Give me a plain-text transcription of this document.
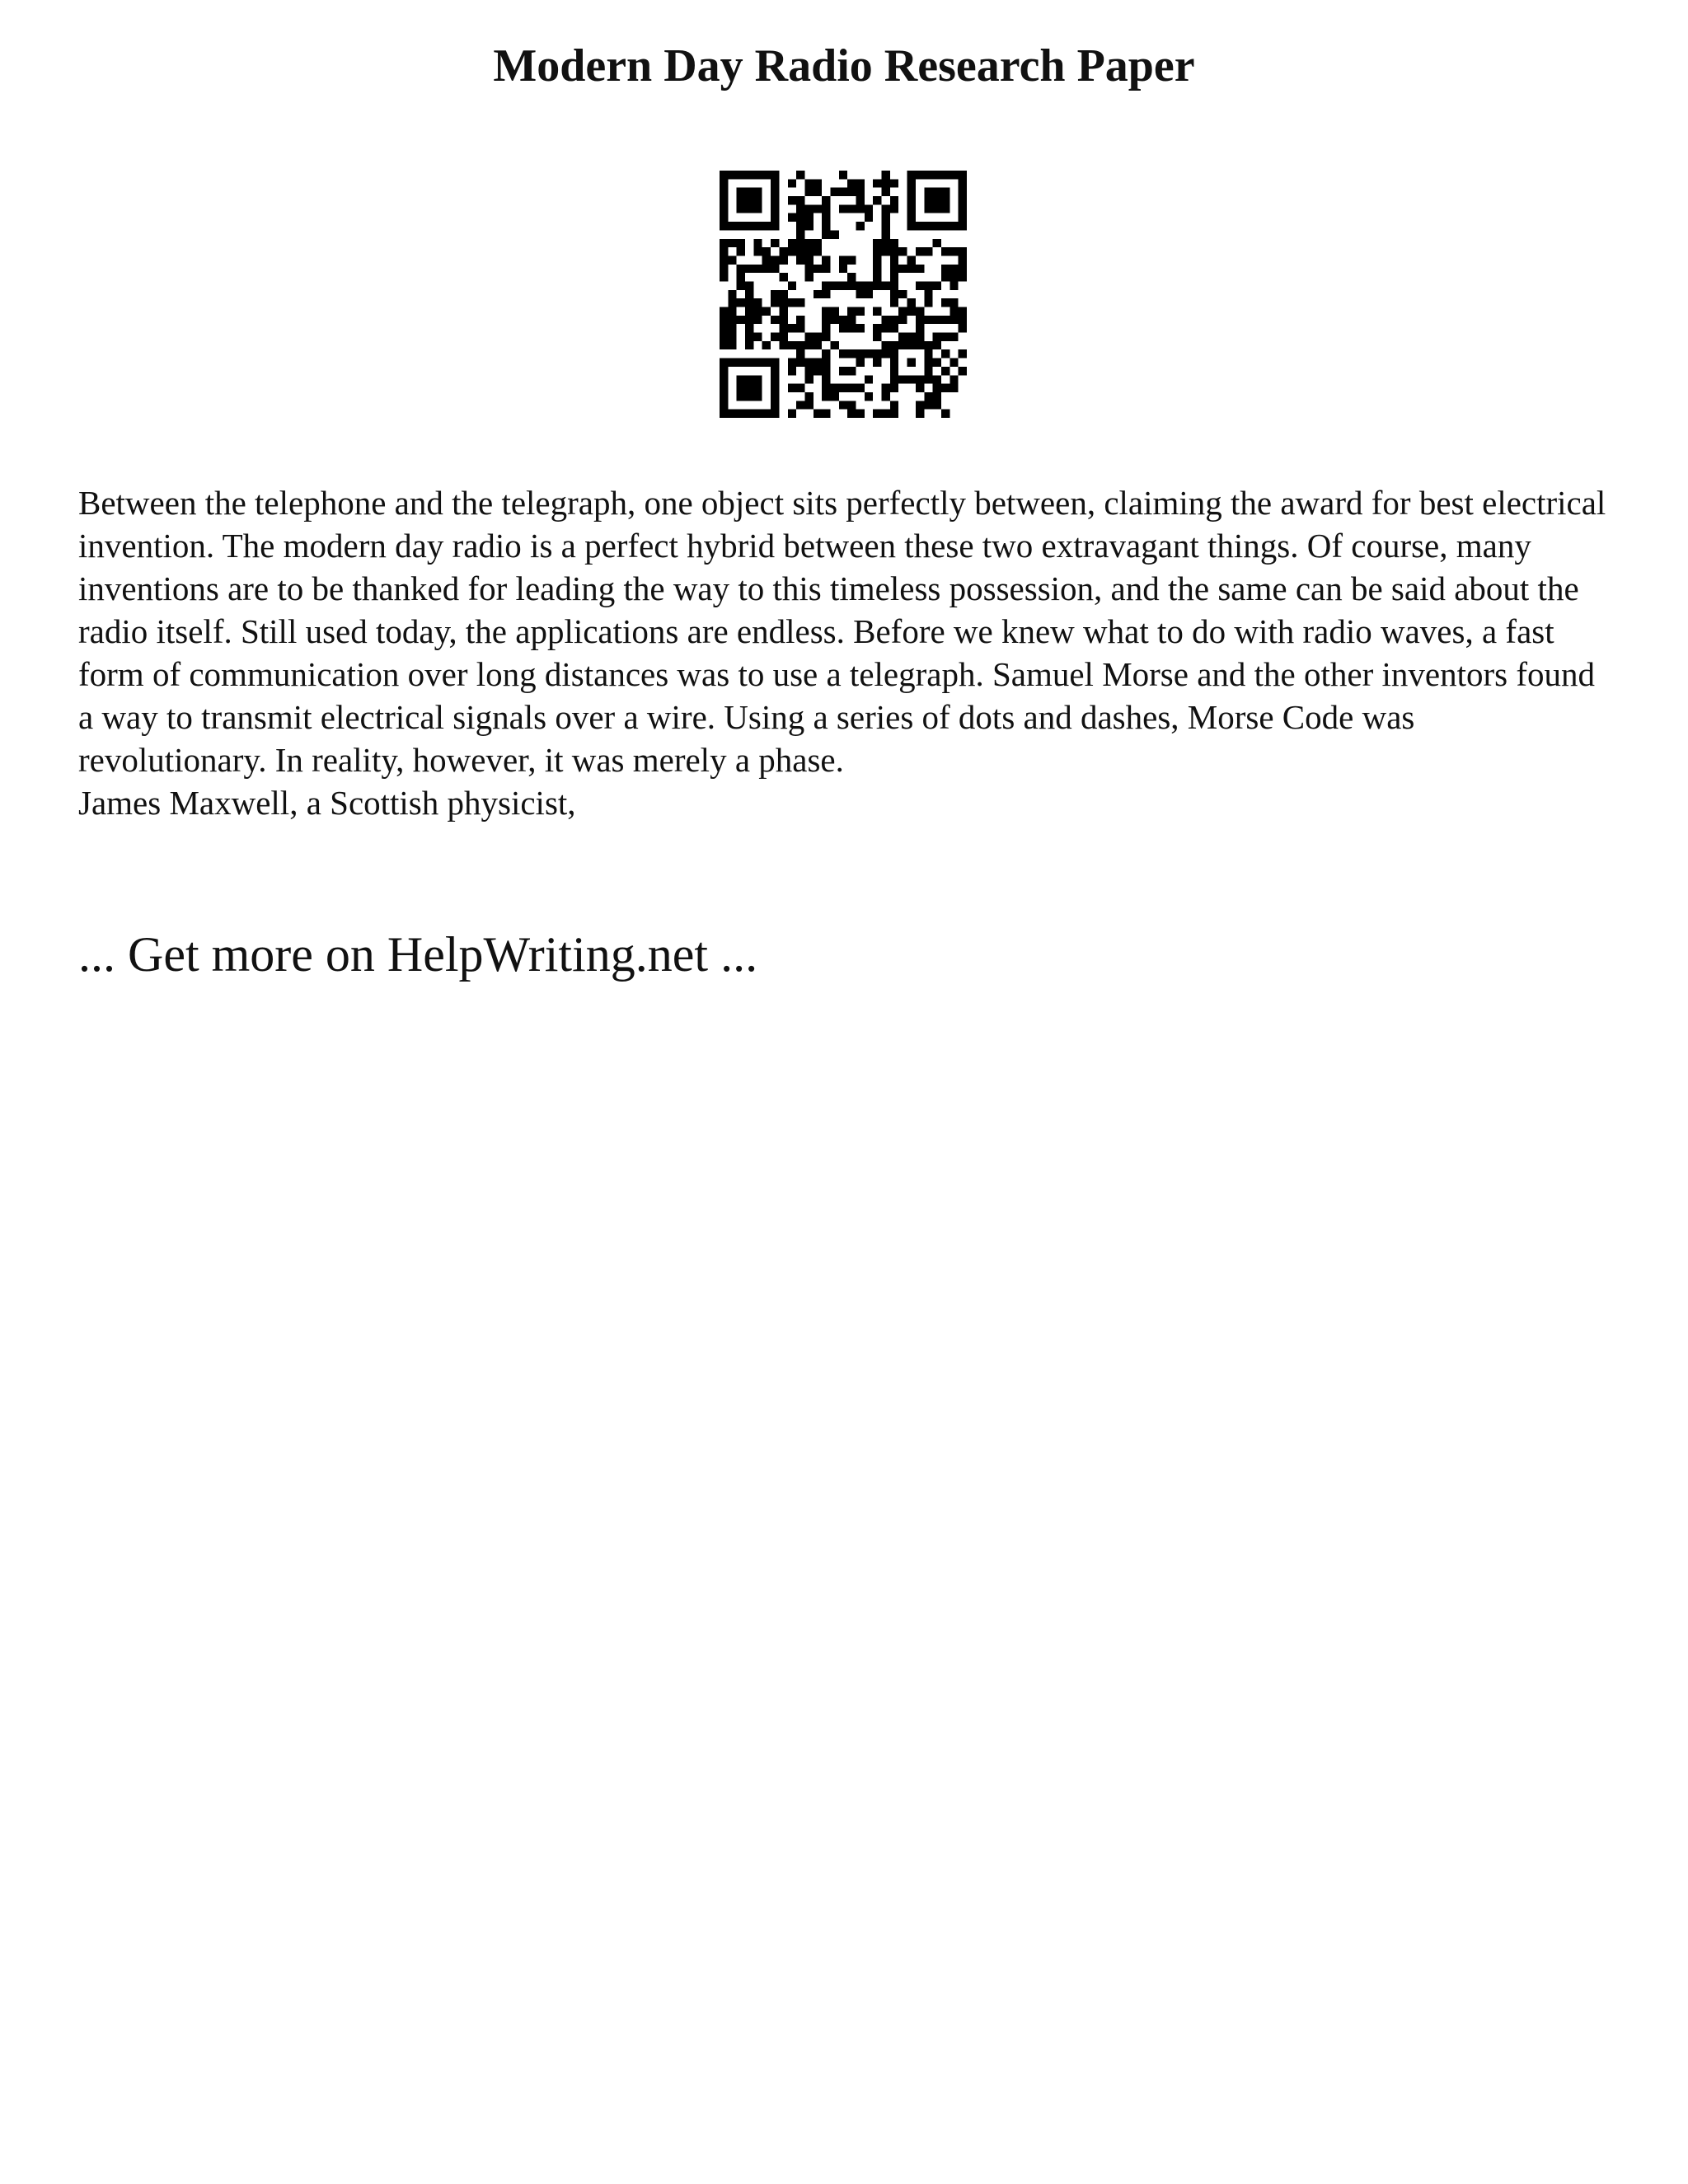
Modern Day Radio Research Paper

Between the telephone and the telegraph, one object sits perfectly between, claiming the award for best electrical invention. The modern day radio is a perfect hybrid between these two extravagant things. Of course, many inventions are to be thanked for leading the way to this timeless possession, and the same can be said about the radio itself. Still used today, the applications are endless. Before we knew what to do with radio waves, a fast form of communication over long distances was to use a telegraph. Samuel Morse and the other inventors found a way to transmit electrical signals over a wire. Using a series of dots and dashes, Morse Code was revolutionary. In reality, however, it was merely a phase.

James Maxwell, a Scottish physicist,

... Get more on HelpWriting.net ...
